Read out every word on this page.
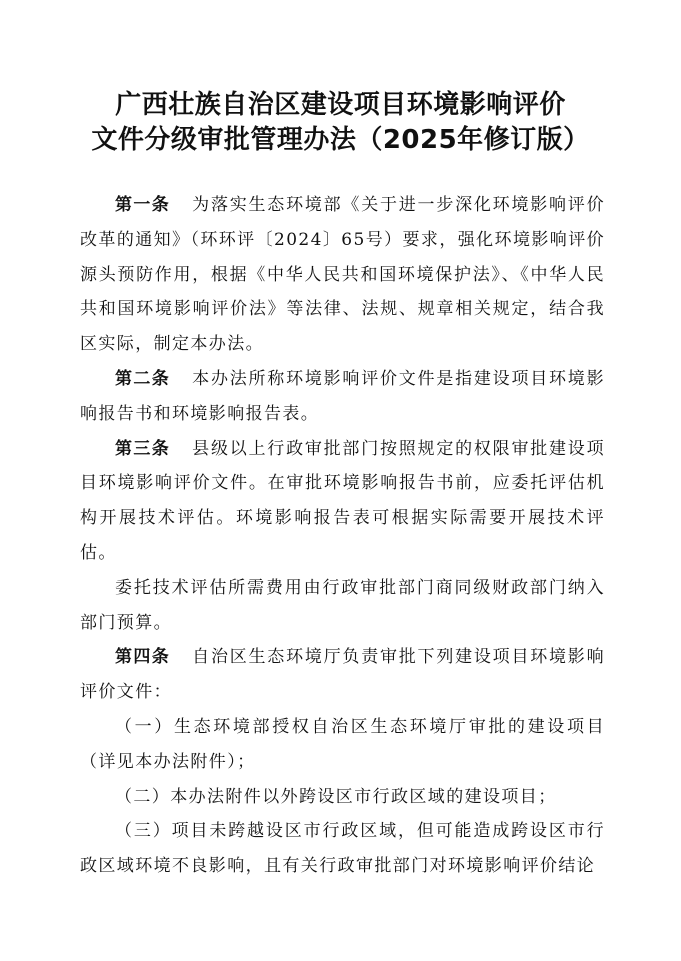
广西壮族自治区建设项目环境影响评价
文件分级审批管理办法（2025年修订版）

第一条 为落实生态环境部《关于进一步深化环境影响评价改革的通知》（环环评〔2024〕65号）要求，强化环境影响评价源头预防作用，根据《中华人民共和国环境保护法》、《中华人民共和国环境影响评价法》等法律、法规、规章相关规定，结合我区实际，制定本办法。

第二条 本办法所称环境影响评价文件是指建设项目环境影响报告书和环境影响报告表。

第三条 县级以上行政审批部门按照规定的权限审批建设项目环境影响评价文件。在审批环境影响报告书前，应委托评估机构开展技术评估。环境影响报告表可根据实际需要开展技术评估。

委托技术评估所需费用由行政审批部门商同级财政部门纳入部门预算。

第四条 自治区生态环境厅负责审批下列建设项目环境影响评价文件：

（一）生态环境部授权自治区生态环境厅审批的建设项目（详见本办法附件）；

（二）本办法附件以外跨设区市行政区域的建设项目；

（三）项目未跨越设区市行政区域，但可能造成跨设区市行政区域环境不良影响，且有关行政审批部门对环境影响评价结论
